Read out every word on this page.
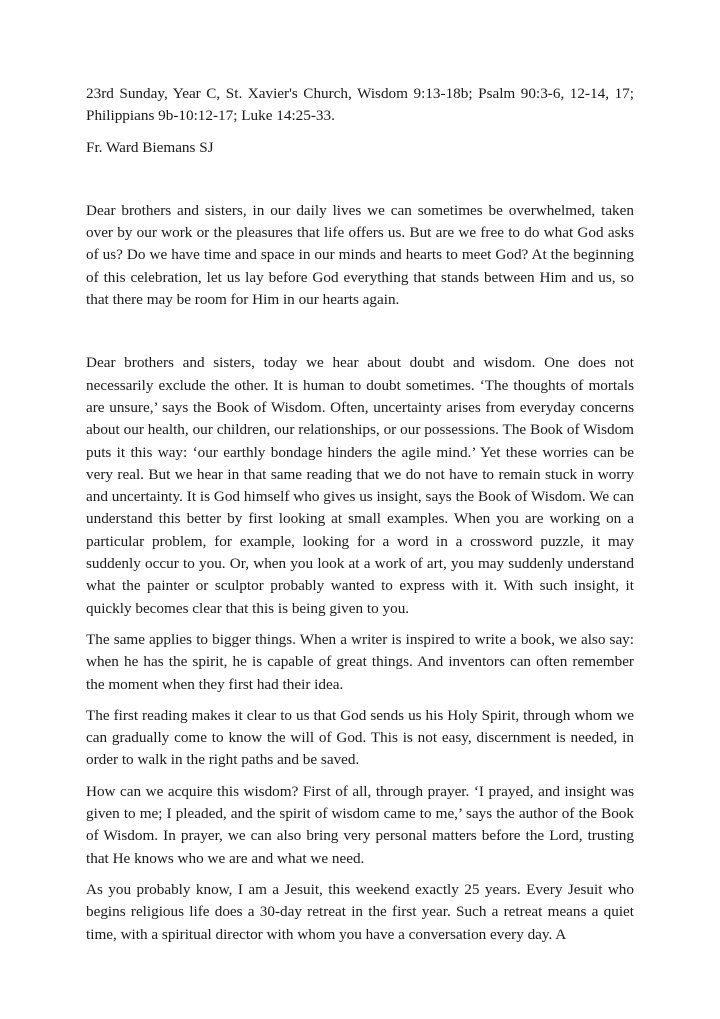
23rd Sunday, Year C, St. Xavier's Church, Wisdom 9:13-18b; Psalm 90:3-6, 12-14, 17; Philippians 9b-10:12-17; Luke 14:25-33.

Fr. Ward Biemans SJ

Dear brothers and sisters, in our daily lives we can sometimes be overwhelmed, taken over by our work or the pleasures that life offers us. But are we free to do what God asks of us? Do we have time and space in our minds and hearts to meet God? At the beginning of this celebration, let us lay before God everything that stands between Him and us, so that there may be room for Him in our hearts again.

Dear brothers and sisters, today we hear about doubt and wisdom. One does not necessarily exclude the other. It is human to doubt sometimes. ‘The thoughts of mortals are unsure,’ says the Book of Wisdom. Often, uncertainty arises from everyday concerns about our health, our children, our relationships, or our possessions. The Book of Wisdom puts it this way: ‘our earthly bondage hinders the agile mind.’ Yet these worries can be very real. But we hear in that same reading that we do not have to remain stuck in worry and uncertainty. It is God himself who gives us insight, says the Book of Wisdom. We can understand this better by first looking at small examples. When you are working on a particular problem, for example, looking for a word in a crossword puzzle, it may suddenly occur to you. Or, when you look at a work of art, you may suddenly understand what the painter or sculptor probably wanted to express with it. With such insight, it quickly becomes clear that this is being given to you.

The same applies to bigger things. When a writer is inspired to write a book, we also say: when he has the spirit, he is capable of great things. And inventors can often remember the moment when they first had their idea.

The first reading makes it clear to us that God sends us his Holy Spirit, through whom we can gradually come to know the will of God. This is not easy, discernment is needed, in order to walk in the right paths and be saved.

How can we acquire this wisdom? First of all, through prayer. ‘I prayed, and insight was given to me; I pleaded, and the spirit of wisdom came to me,’ says the author of the Book of Wisdom. In prayer, we can also bring very personal matters before the Lord, trusting that He knows who we are and what we need.

As you probably know, I am a Jesuit, this weekend exactly 25 years. Every Jesuit who begins religious life does a 30-day retreat in the first year. Such a retreat means a quiet time, with a spiritual director with whom you have a conversation every day. A
